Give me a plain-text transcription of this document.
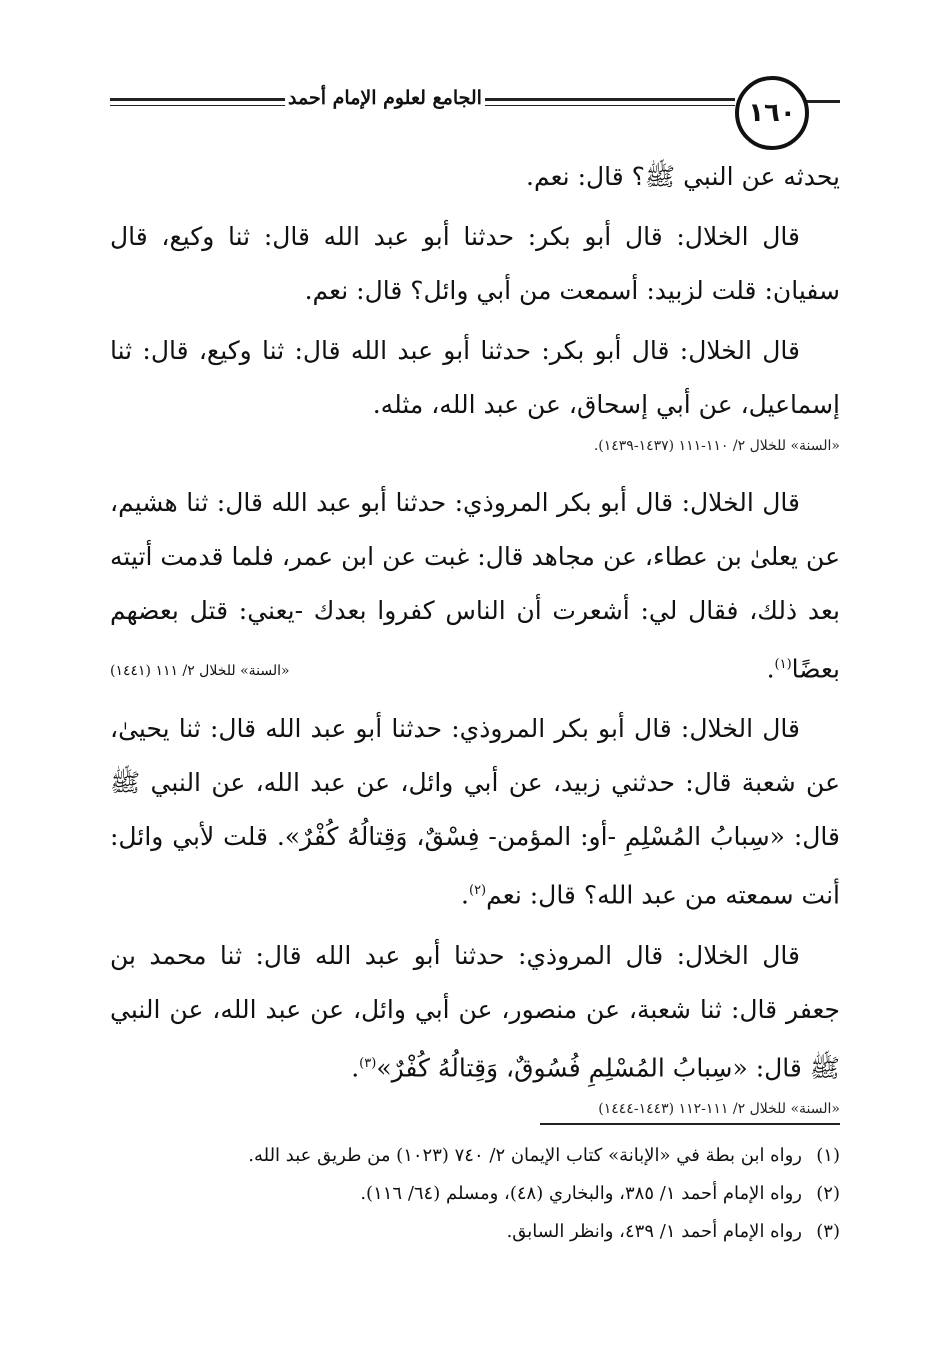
الجامع لعلوم الإمام أحمد	١٦٠

يحدثه عن النبي ﷺ؟ قال: نعم.

قال الخلال: قال أبو بكر: حدثنا أبو عبد الله قال: ثنا وكيع، قال سفيان: قلت لزبيد: أسمعت من أبي وائل؟ قال: نعم.

قال الخلال: قال أبو بكر: حدثنا أبو عبد الله قال: ثنا وكيع، قال: ثنا إسماعيل، عن أبي إسحاق، عن عبد الله، مثله.

«السنة» للخلال ٢/ ١١٠-١١١ (١٤٣٧-١٤٣٩).

قال الخلال: قال أبو بكر المروذي: حدثنا أبو عبد الله قال: ثنا هشيم، عن يعلىٰ بن عطاء، عن مجاهد قال: غبت عن ابن عمر، فلما قدمت أتيته بعد ذلك، فقال لي: أشعرت أن الناس كفروا بعدك -يعني: قتل بعضهم بعضًا$^{(١)}$.
«السنة» للخلال ٢/ ١١١ (١٤٤١)

قال الخلال: قال أبو بكر المروذي: حدثنا أبو عبد الله قال: ثنا يحيىٰ، عن شعبة قال: حدثني زبيد، عن أبي وائل، عن عبد الله، عن النبي ﷺ قال: «سِبابُ المُسْلِمِ -أو: المؤمن- فِسْقٌ، وَقِتالُهُ كُفْرٌ». قلت لأبي وائل: أنت سمعته من عبد الله؟ قال: نعم$^{(٢)}$.

قال الخلال: قال المروذي: حدثنا أبو عبد الله قال: ثنا محمد بن جعفر قال: ثنا شعبة، عن منصور، عن أبي وائل، عن عبد الله، عن النبي ﷺ قال: «سِبابُ المُسْلِمِ فُسُوقٌ، وَقِتالُهُ كُفْرٌ»$^{(٣)}$.

«السنة» للخلال ٢/ ١١١-١١٢ (١٤٤٣-١٤٤٤)
(١)رواه ابن بطة في «الإبانة» كتاب الإيمان ٢/ ٧٤٠ (١٠٢٣) من طريق عبد الله.
(٢)رواه الإمام أحمد ١/ ٣٨٥، والبخاري (٤٨)، ومسلم (٦٤/ ١١٦).
(٣)رواه الإمام أحمد ١/ ٤٣٩، وانظر السابق.
